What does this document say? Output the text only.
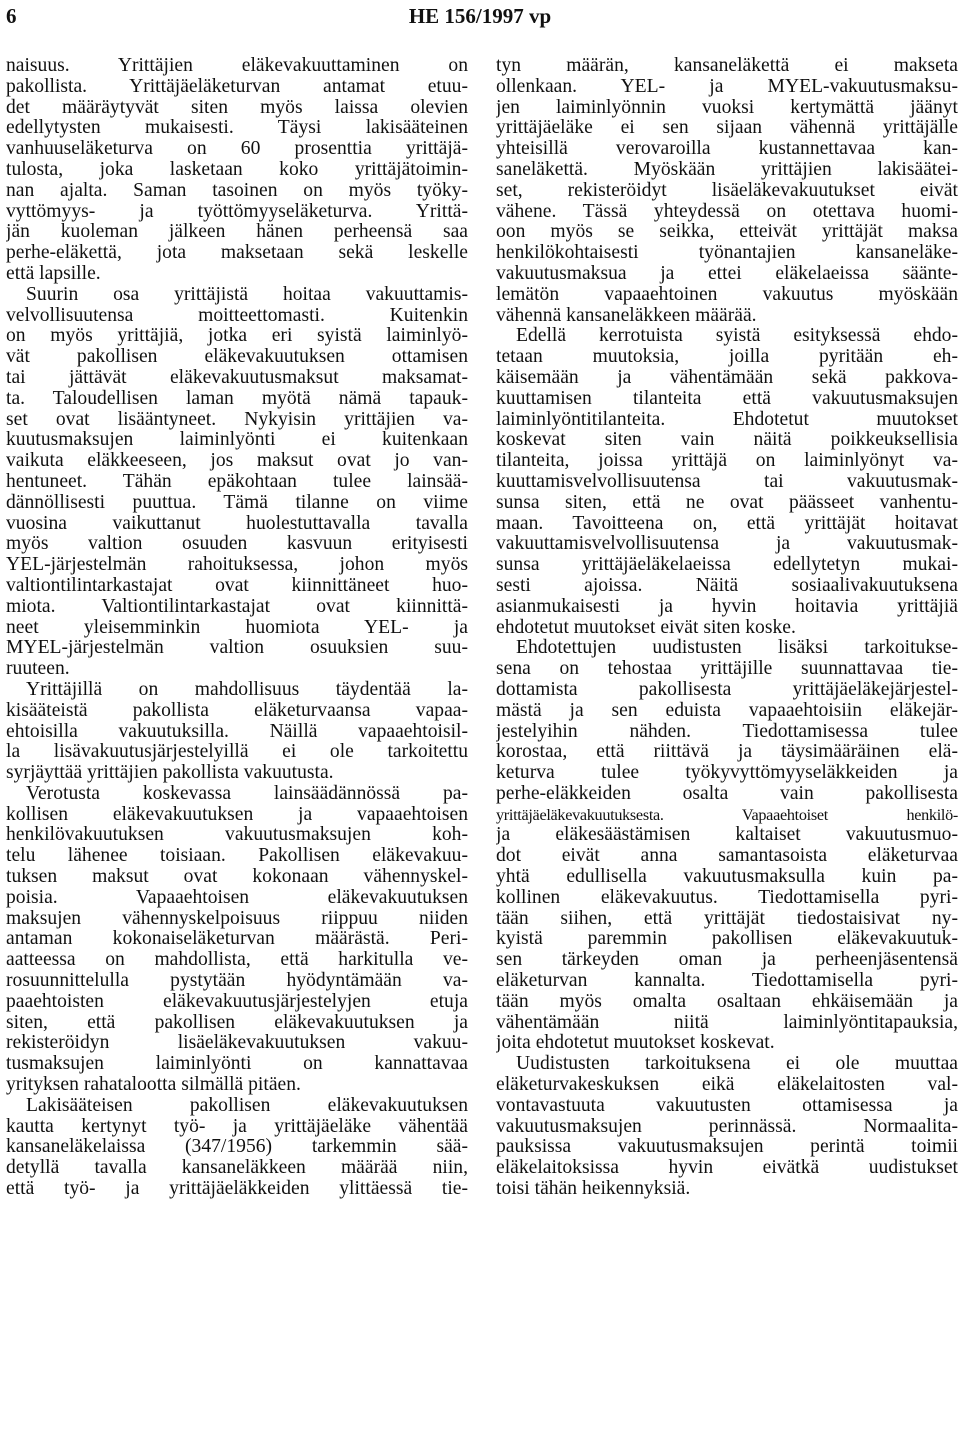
6	HE 156/1997 vp
naisuus. Yrittäjien eläkevakuuttaminen on
pakollista. Yrittäjäeläketurvan antamat etuu-
det määräytyvät siten myös laissa olevien
edellytysten mukaisesti. Täysi lakisääteinen
vanhuuseläketurva on 60 prosenttia yrittäjä-
tulosta, joka lasketaan koko yrittäjätoimin-
nan ajalta. Saman tasoinen on myös työky-
vyttömyys- ja työttömyyseläketurva. Yrittä-
jän kuoleman jälkeen hänen perheensä saa
perhe-eläkettä, jota maksetaan sekä leskelle
että lapsille.
Suurin osa yrittäjistä hoitaa vakuuttamis-
velvollisuutensa moitteettomasti. Kuitenkin
on myös yrittäjiä, jotka eri syistä laiminlyö-
vät pakollisen eläkevakuutuksen ottamisen
tai jättävät eläkevakuutusmaksut maksamat-
ta. Taloudellisen laman myötä nämä tapauk-
set ovat lisääntyneet. Nykyisin yrittäjien va-
kuutusmaksujen laiminlyönti ei kuitenkaan
vaikuta eläkkeeseen, jos maksut ovat jo van-
hentuneet. Tähän epäkohtaan tulee lainsää-
dännöllisesti puuttua. Tämä tilanne on viime
vuosina vaikuttanut huolestuttavalla tavalla
myös valtion osuuden kasvuun erityisesti
YEL-järjestelmän rahoituksessa, johon myös
valtiontilintarkastajat ovat kiinnittäneet huo-
miota. Valtiontilintarkastajat ovat kiinnittä-
neet yleisemminkin huomiota YEL- ja
MYEL-järjestelmän valtion osuuksien suu-
ruuteen.
Yrittäjillä on mahdollisuus täydentää la-
kisääteistä pakollista eläketurvaansa vapaa-
ehtoisilla vakuutuksilla. Näillä vapaaehtoisil-
la lisävakuutusjärjestelyillä ei ole tarkoitettu
syrjäyttää yrittäjien pakollista vakuutusta.
Verotusta koskevassa lainsäädännössä pa-
kollisen eläkevakuutuksen ja vapaaehtoisen
henkilövakuutuksen vakuutusmaksujen koh-
telu lähenee toisiaan. Pakollisen eläkevakuu-
tuksen maksut ovat kokonaan vähennyskel-
poisia. Vapaaehtoisen eläkevakuutuksen
maksujen vähennyskelpoisuus riippuu niiden
antaman kokonaiseläketurvan määrästä. Peri-
aatteessa on mahdollista, että harkitulla ve-
rosuunnittelulla pystytään hyödyntämään va-
paaehtoisten eläkevakuutusjärjestelyjen etuja
siten, että pakollisen eläkevakuutuksen ja
rekisteröidyn lisäeläkevakuutuksen vakuu-
tusmaksujen laiminlyönti on kannattavaa
yrityksen rahatalootta silmällä pitäen.
Lakisääteisen pakollisen eläkevakuutuksen
kautta kertynyt työ- ja yrittäjäeläke vähentää
kansaneläkelaissa (347/1956) tarkemmin sää-
detyllä tavalla kansaneläkkeen määrää niin,
että työ- ja yrittäjäeläkkeiden ylittäessä tie-
tyn määrän, kansaneläkettä ei makseta
ollenkaan. YEL- ja MYEL-vakuutusmaksu-
jen laiminlyönnin vuoksi kertymättä jäänyt
yrittäjäeläke ei sen sijaan vähennä yrittäjälle
yhteisillä verovaroilla kustannettavaa kan-
saneläkettä. Myöskään yrittäjien lakisäätei-
set, rekisteröidyt lisäeläkevakuutukset eivät
vähene. Tässä yhteydessä on otettava huomi-
oon myös se seikka, etteivät yrittäjät maksa
henkilökohtaisesti työnantajien kansaneläke-
vakuutusmaksua ja ettei eläkelaeissa säänte-
lemätön vapaaehtoinen vakuutus myöskään
vähennä kansaneläkkeen määrää.
Edellä kerrotuista syistä esityksessä ehdo-
tetaan muutoksia, joilla pyritään eh-
käisemään ja vähentämään sekä pakkova-
kuuttamisen tilanteita että vakuutusmaksujen
laiminlyöntitilanteita. Ehdotetut muutokset
koskevat siten vain näitä poikkeuksellisia
tilanteita, joissa yrittäjä on laiminlyönyt va-
kuuttamisvelvollisuutensa tai vakuutusmak-
sunsa siten, että ne ovat päässeet vanhentu-
maan. Tavoitteena on, että yrittäjät hoitavat
vakuuttamisvelvollisuutensa ja vakuutusmak-
sunsa yrittäjäeläkelaeissa edellytetyn mukai-
sesti ajoissa. Näitä sosiaalivakuutuksena
asianmukaisesti ja hyvin hoitavia yrittäjiä
ehdotetut muutokset eivät siten koske.
Ehdotettujen uudistusten lisäksi tarkoitukse-
sena on tehostaa yrittäjille suunnattavaa tie-
dottamista pakollisesta yrittäjäeläkejärjestel-
mästä ja sen eduista vapaaehtoisiin eläkejär-
jestelyihin nähden. Tiedottamisessa tulee
korostaa, että riittävä ja täysimääräinen elä-
keturva tulee työkyvyttömyyseläkkeiden ja
perhe-eläkkeiden osalta vain pakollisesta
yrittäjäeläkevakuutuksesta. Vapaaehtoiset henkilö-
ja eläkesäästämisen kaltaiset vakuutusmuo-
dot eivät anna samantasoista eläketurvaa
yhtä edullisella vakuutusmaksulla kuin pa-
kollinen eläkevakuutus. Tiedottamisella pyri-
tään siihen, että yrittäjät tiedostaisivat ny-
kyistä paremmin pakollisen eläkevakuutuk-
sen tärkeyden oman ja perheenjäsentensä
eläketurvan kannalta. Tiedottamisella pyri-
tään myös omalta osaltaan ehkäisemään ja
vähentämään niitä laiminlyöntitapauksia,
joita ehdotetut muutokset koskevat.
Uudistusten tarkoituksena ei ole muuttaa
eläketurvakeskuksen eikä eläkelaitosten val-
vontavastuuta vakuutusten ottamisessa ja
vakuutusmaksujen perinnässä. Normaalita-
pauksissa vakuutusmaksujen perintä toimii
eläkelaitoksissa hyvin eivätkä uudistukset
toisi tähän heikennyksiä.
